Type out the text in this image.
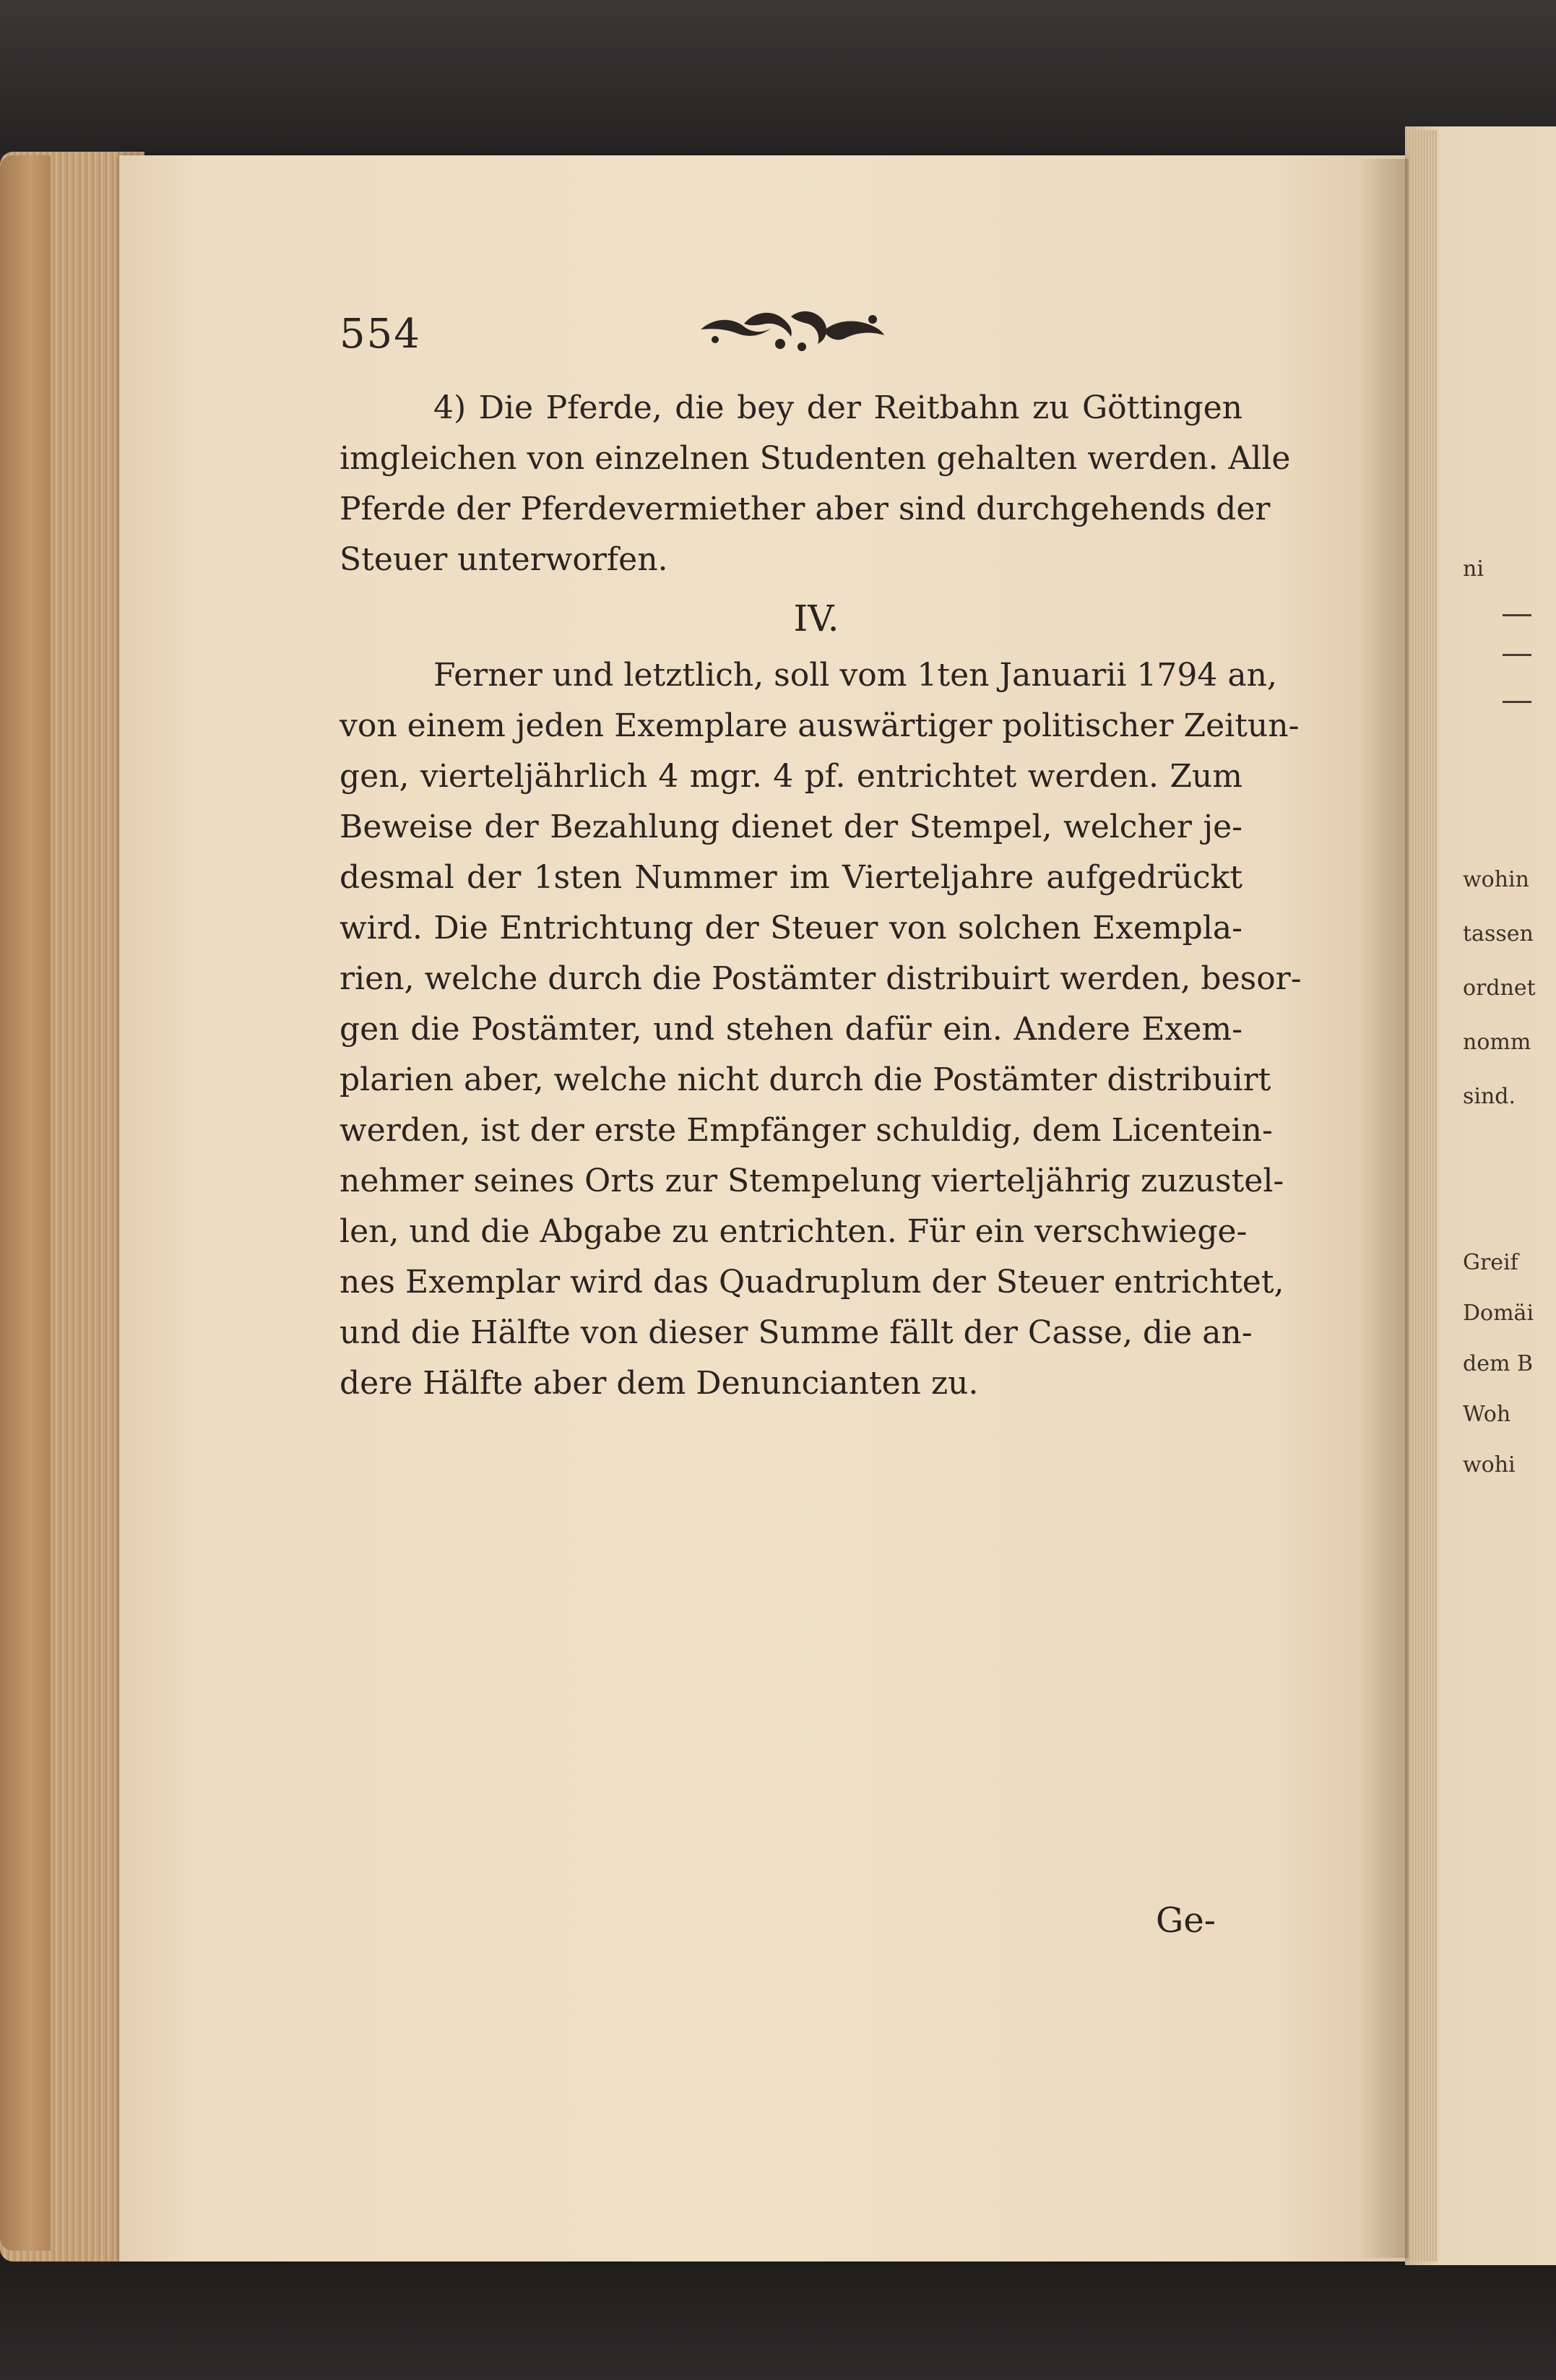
554
4) Die Pferde, die bey der Reitbahn zu Göttingen
imgleichen von einzelnen Studenten gehalten werden. Alle
Pferde der Pferdevermiether aber sind durchgehends der
Steuer unterworfen.
IV.
Ferner und letztlich, soll vom 1ten Januarii 1794 an,
von einem jeden Exemplare auswärtiger politischer Zeitun-
gen, vierteljährlich 4 mgr. 4 pf. entrichtet werden. Zum
Beweise der Bezahlung dienet der Stempel, welcher je-
desmal der 1sten Nummer im Vierteljahre aufgedrückt
wird. Die Entrichtung der Steuer von solchen Exempla-
rien, welche durch die Postämter distribuirt werden, besor-
gen die Postämter, und stehen dafür ein. Andere Exem-
plarien aber, welche nicht durch die Postämter distribuirt
werden, ist der erste Empfänger schuldig, dem Licentein-
nehmer seines Orts zur Stempelung vierteljährig zuzustel-
len, und die Abgabe zu entrichten. Für ein verschwiege-
nes Exemplar wird das Quadruplum der Steuer entrichtet,
und die Hälfte von dieser Summe fällt der Casse, die an-
dere Hälfte aber dem Denuncianten zu.
Ge-
ni
wohin
tassen
ordnet
nomm
sind.
Greif
Domäi
dem B
Woh
wohi
